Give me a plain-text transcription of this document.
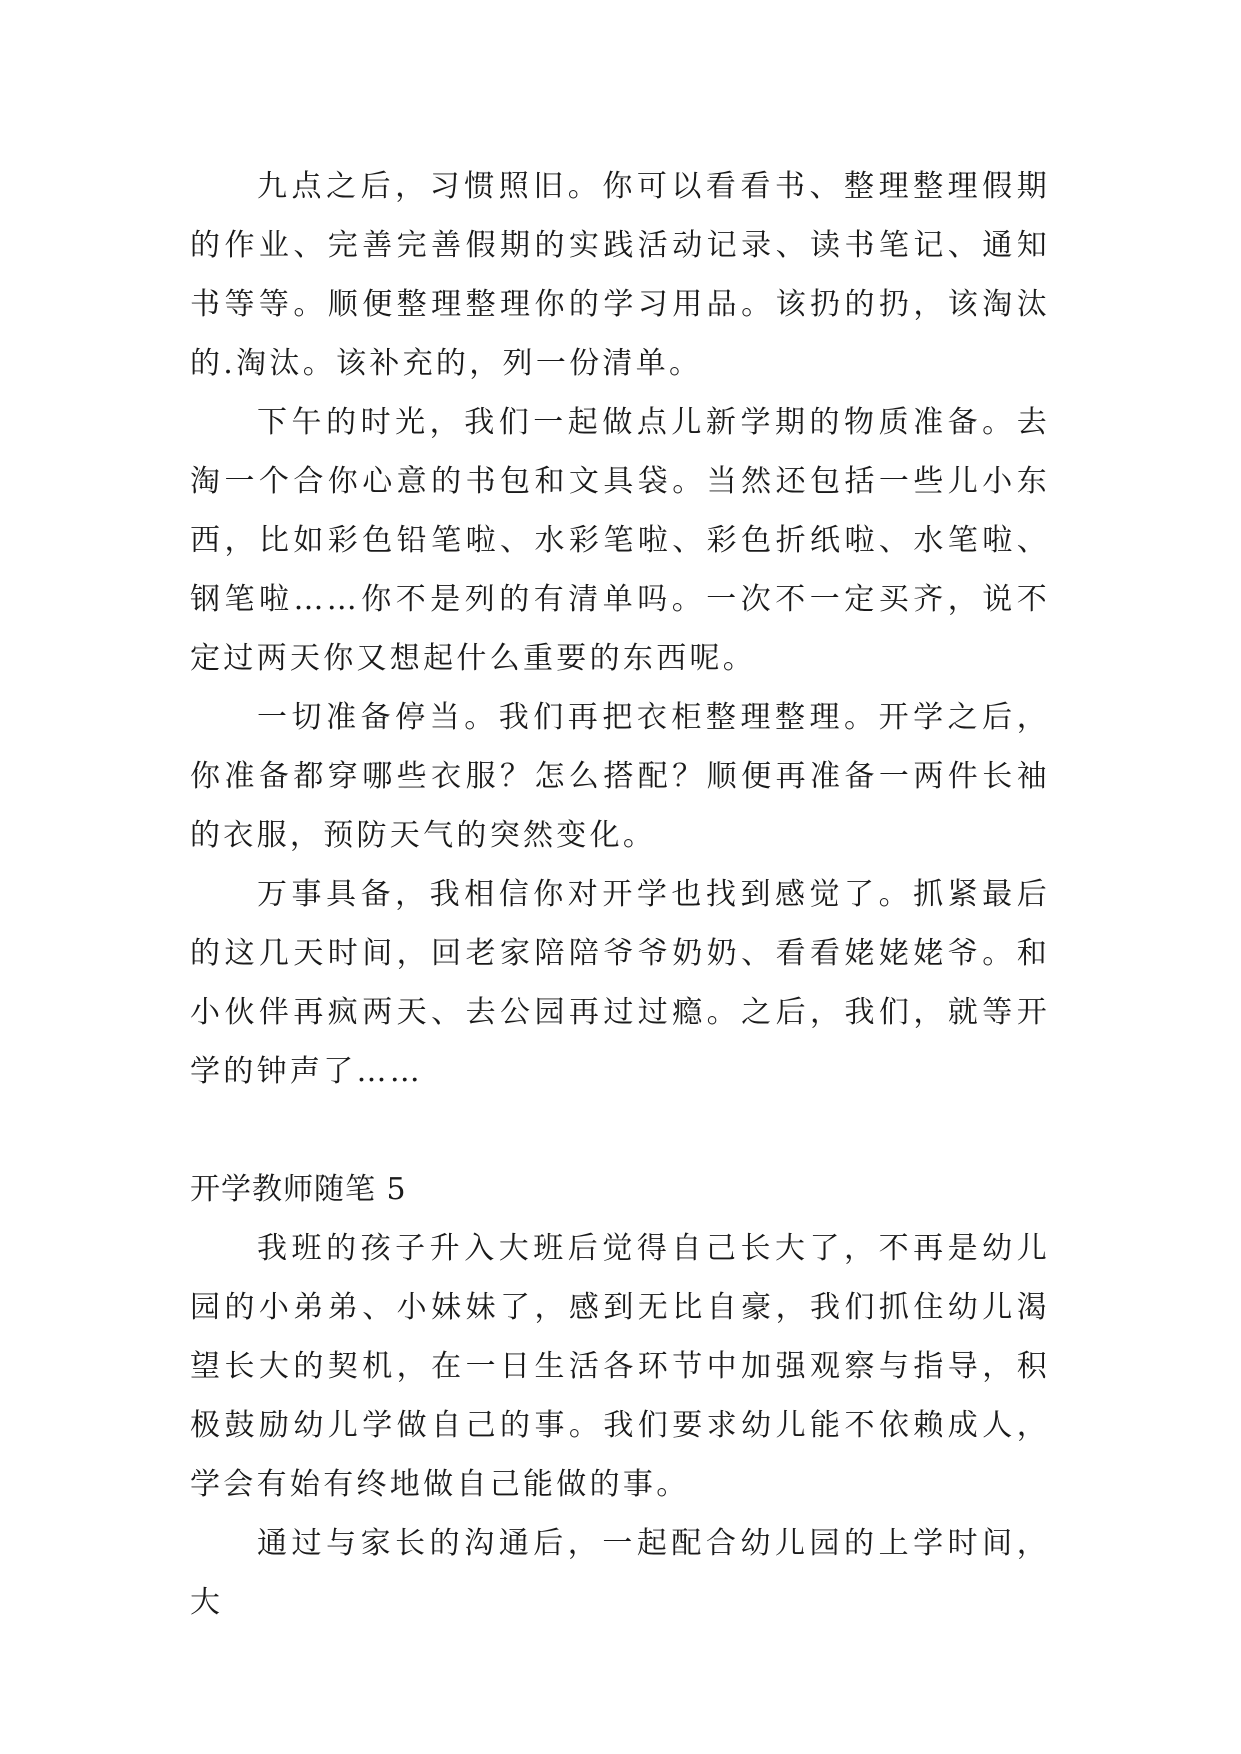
九点之后，习惯照旧。你可以看看书、整理整理假期的作业、完善完善假期的实践活动记录、读书笔记、通知书等等。顺便整理整理你的学习用品。该扔的扔，该淘汰的.淘汰。该补充的，列一份清单。

下午的时光，我们一起做点儿新学期的物质准备。去淘一个合你心意的书包和文具袋。当然还包括一些儿小东西，比如彩色铅笔啦、水彩笔啦、彩色折纸啦、水笔啦、钢笔啦……你不是列的有清单吗。一次不一定买齐，说不定过两天你又想起什么重要的东西呢。

一切准备停当。我们再把衣柜整理整理。开学之后，你准备都穿哪些衣服？怎么搭配？顺便再准备一两件长袖的衣服，预防天气的突然变化。

万事具备，我相信你对开学也找到感觉了。抓紧最后的这几天时间，回老家陪陪爷爷奶奶、看看姥姥姥爷。和小伙伴再疯两天、去公园再过过瘾。之后，我们，就等开学的钟声了……

开学教师随笔 5

我班的孩子升入大班后觉得自己长大了，不再是幼儿园的小弟弟、小妹妹了，感到无比自豪，我们抓住幼儿渴望长大的契机，在一日生活各环节中加强观察与指导，积极鼓励幼儿学做自己的事。我们要求幼儿能不依赖成人，学会有始有终地做自己能做的事。

通过与家长的沟通后，一起配合幼儿园的上学时间，大
